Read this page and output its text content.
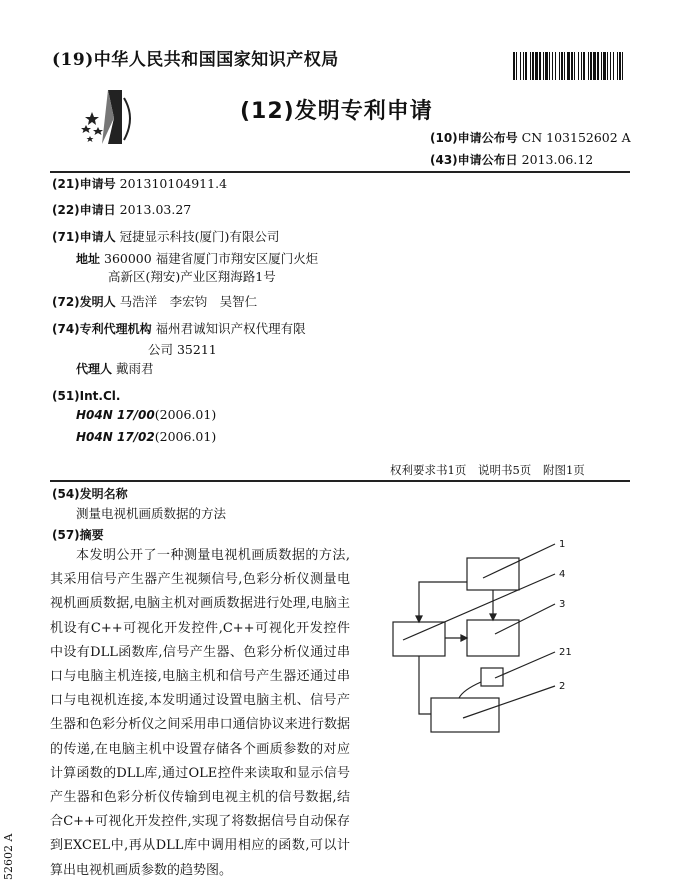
(19)中华人民共和国国家知识产权局
(12)发明专利申请
(10)申请公布号 CN 103152602 A
(43)申请公布日 2013.06.12
(21)申请号 201310104911.4
(22)申请日 2013.03.27
(71)申请人 冠捷显示科技(厦门)有限公司
地址 360000 福建省厦门市翔安区厦门火炬
高新区(翔安)产业区翔海路1号
(72)发明人 马浩洋　李宏钧　吴智仁
(74)专利代理机构 福州君诚知识产权代理有限
公司 35211
代理人 戴雨君
(51)Int.Cl.
H04N 17/00(2006.01)
H04N 17/02(2006.01)
权利要求书1页 说明书5页 附图1页
(54)发明名称
测量电视机画质数据的方法
(57)摘要

本发明公开了一种测量电视机画质数据的方法,其采用信号产生器产生视频信号,色彩分析仪测量电视机画质数据,电脑主机对画质数据进行处理,电脑主机设有C++可视化开发控件,C++可视化开发控件中设有DLL函数库,信号产生器、色彩分析仪通过串口与电脑主机连接,电脑主机和信号产生器还通过串口与电视机连接,本发明通过设置电脑主机、信号产生器和色彩分析仪之间采用串口通信协议来进行数据的传递,在电脑主机中设置存储各个画质参数的对应计算函数的DLL库,通过OLE控件来读取和显示信号产生器和色彩分析仪传输到电视主机的信号数据,结合C++可视化开发控件,实现了将数据信号自动保存到EXCEL中,再从DLL库中调用相应的函数,可以计算出电视机画质参数的趋势图。

1
4
3
21
2
52602 A
